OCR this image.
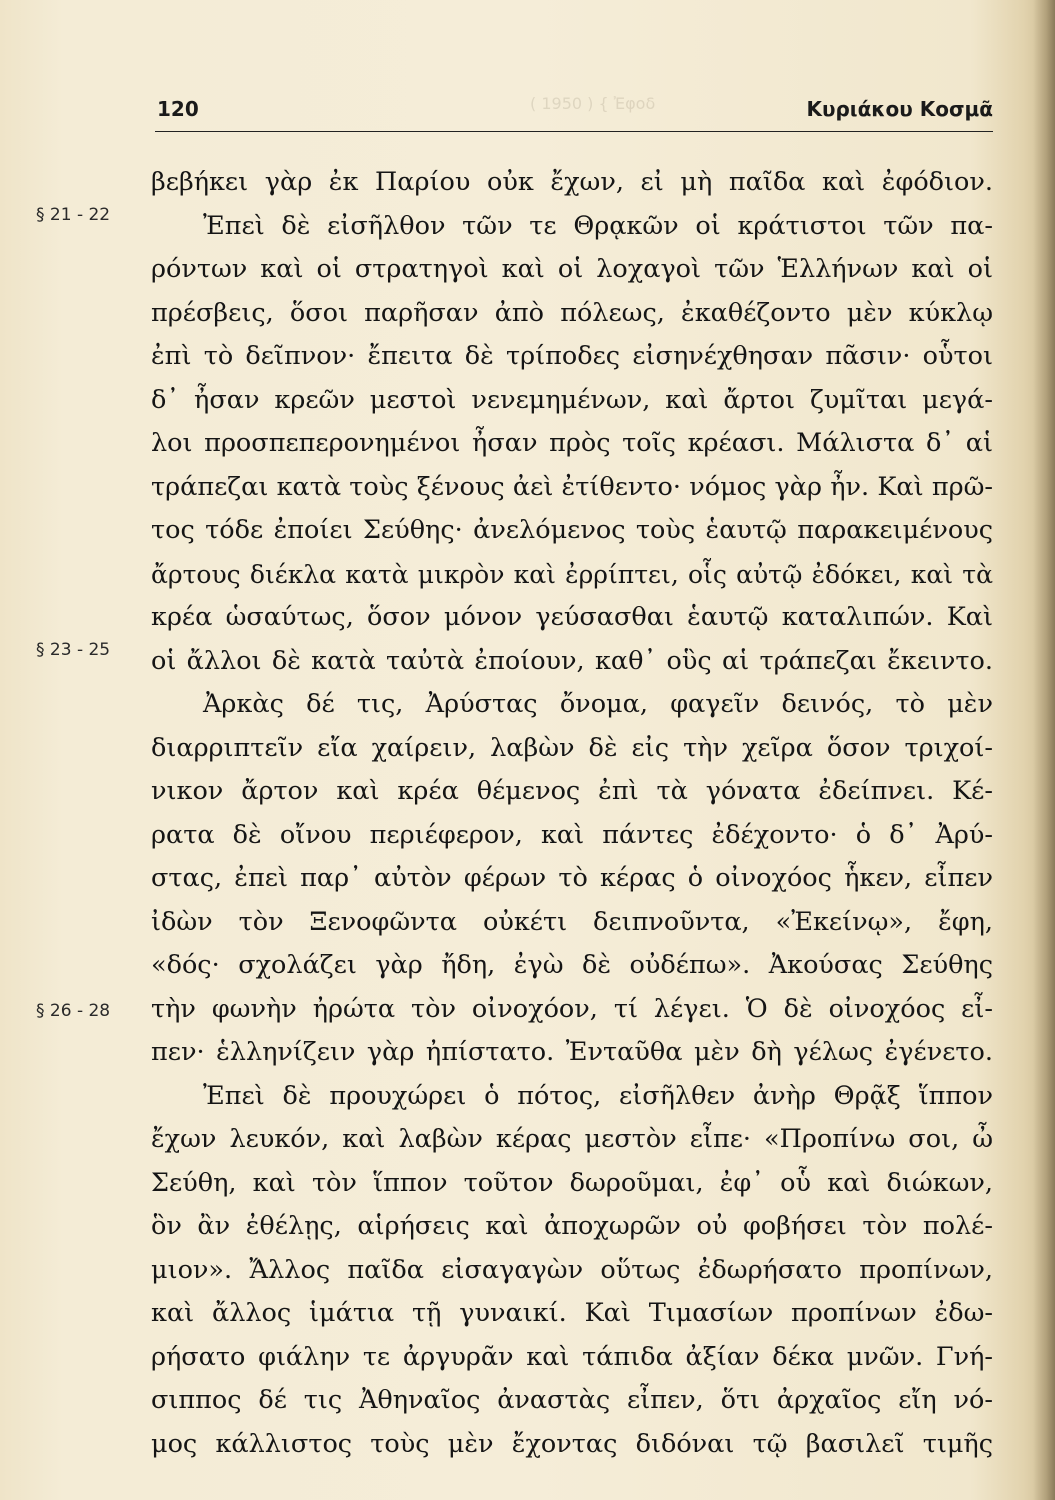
( 1950 ) { Ἐφοδ
120	Κυριάκου Κοσμᾶ
§ 21 - 22
§ 23 - 25
§ 26 - 28
βεβήκει γὰρ ἐκ Παρίου οὐκ ἔχων, εἰ μὴ παῖδα καὶ ἐφόδιον.
Ἐπεὶ δὲ εἰσῆλθον τῶν τε Θρᾳκῶν οἱ κράτιστοι τῶν πα-
ρόντων καὶ οἱ στρατηγοὶ καὶ οἱ λοχαγοὶ τῶν Ἑλλήνων καὶ οἱ
πρέσβεις, ὅσοι παρῆσαν ἀπὸ πόλεως, ἐκαθέζοντο μὲν κύκλῳ
ἐπὶ τὸ δεῖπνον· ἔπειτα δὲ τρίποδες εἰσηνέχθησαν πᾶσιν· οὗτοι
δ᾽ ἦσαν κρεῶν μεστοὶ νενεμημένων, καὶ ἄρτοι ζυμῖται μεγά-
λοι προσπεπερονημένοι ἦσαν πρὸς τοῖς κρέασι. Μάλιστα δ᾽ αἱ
τράπεζαι κατὰ τοὺς ξένους ἀεὶ ἐτίθεντο· νόμος γὰρ ἦν. Καὶ πρῶ-
τος τόδε ἐποίει Σεύθης· ἀνελόμενος τοὺς ἑαυτῷ παρακειμένους
ἄρτους διέκλα κατὰ μικρὸν καὶ ἐρρίπτει, οἷς αὐτῷ ἐδόκει, καὶ τὰ
κρέα ὡσαύτως, ὅσον μόνον γεύσασθαι ἑαυτῷ καταλιπών. Καὶ
οἱ ἄλλοι δὲ κατὰ ταὐτὰ ἐποίουν, καθ᾽ οὓς αἱ τράπεζαι ἔκειντο.
Ἀρκὰς δέ τις, Ἀρύστας ὄνομα, φαγεῖν δεινός, τὸ μὲν
διαρριπτεῖν εἴα χαίρειν, λαβὼν δὲ εἰς τὴν χεῖρα ὅσον τριχοί-
νικον ἄρτον καὶ κρέα θέμενος ἐπὶ τὰ γόνατα ἐδείπνει. Κέ-
ρατα δὲ οἴνου περιέφερον, καὶ πάντες ἐδέχοντο· ὁ δ᾽ Ἀρύ-
στας, ἐπεὶ παρ᾽ αὐτὸν φέρων τὸ κέρας ὁ οἰνοχόος ἧκεν, εἶπεν
ἰδὼν τὸν Ξενοφῶντα οὐκέτι δειπνοῦντα, «Ἐκείνῳ», ἔφη,
«δός· σχολάζει γὰρ ἤδη, ἐγὼ δὲ οὐδέπω». Ἀκούσας Σεύθης
τὴν φωνὴν ἠρώτα τὸν οἰνοχόον, τί λέγει. Ὁ δὲ οἰνοχόος εἶ-
πεν· ἑλληνίζειν γὰρ ἠπίστατο. Ἐνταῦθα μὲν δὴ γέλως ἐγένετο.
Ἐπεὶ δὲ προυχώρει ὁ πότος, εἰσῆλθεν ἀνὴρ Θρᾷξ ἵππον
ἔχων λευκόν, καὶ λαβὼν κέρας μεστὸν εἶπε· «Προπίνω σοι, ὦ
Σεύθη, καὶ τὸν ἵππον τοῦτον δωροῦμαι, ἐφ᾽ οὗ καὶ διώκων,
ὃν ἂν ἐθέλῃς, αἱρήσεις καὶ ἀποχωρῶν οὐ φοβήσει τὸν πολέ-
μιον». Ἄλλος παῖδα εἰσαγαγὼν οὕτως ἐδωρήσατο προπίνων,
καὶ ἄλλος ἱμάτια τῇ γυναικί. Καὶ Τιμασίων προπίνων ἐδω-
ρήσατο φιάλην τε ἀργυρᾶν καὶ τάπιδα ἀξίαν δέκα μνῶν. Γνή-
σιππος δέ τις Ἀθηναῖος ἀναστὰς εἶπεν, ὅτι ἀρχαῖος εἴη νό-
μος κάλλιστος τοὺς μὲν ἔχοντας διδόναι τῷ βασιλεῖ τιμῆς
